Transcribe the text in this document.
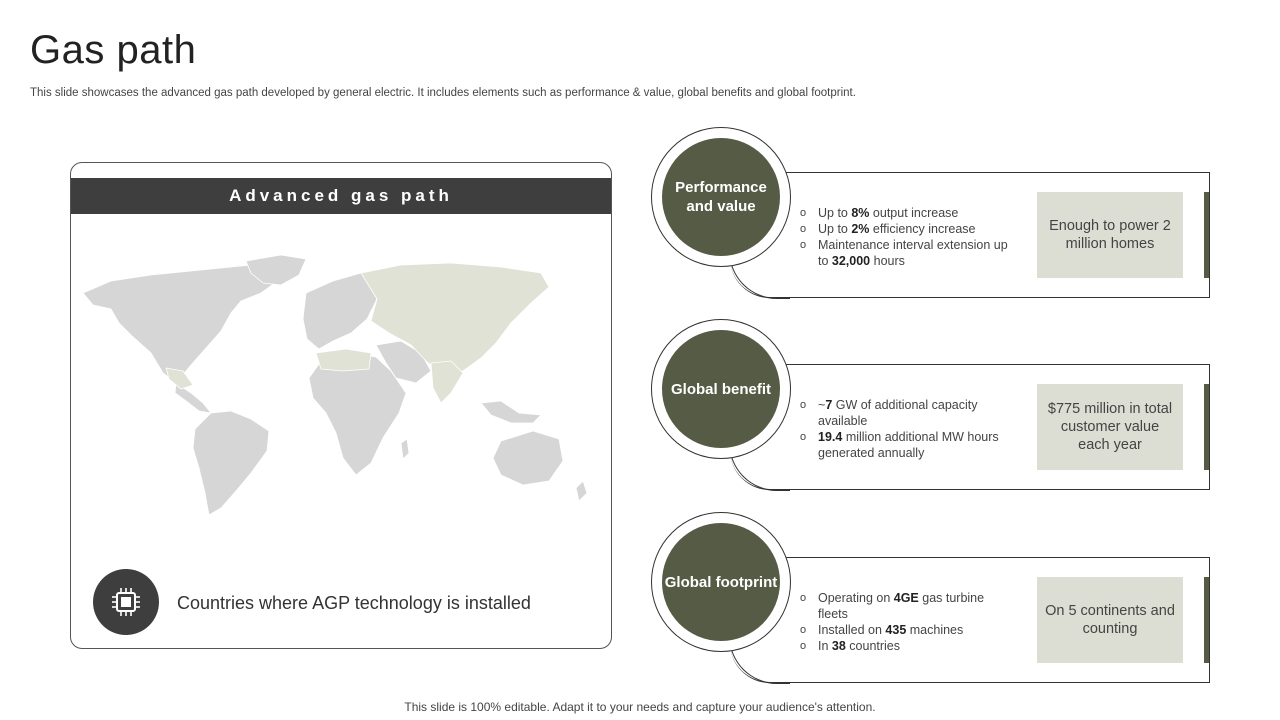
Gas path

This slide showcases the advanced gas path developed by general electric. It includes elements such as performance & value, global benefits and global footprint.

Advanced gas path
Countries where AGP technology is installed
Performance and value
o	Up to 8% output increase
o Up to 2% efficiency increase
o Maintenance interval extension up to 32,000 hours
Enough to power 2 million homes
Global benefit
o ~7 GW of additional capacity available
o 19.4 million additional MW hours generated annually
$775 million in total customer value each year
Global footprint
o Operating on 4GE gas turbine fleets
o Installed on 435 machines
o In 38 countries
On 5 continents and counting
This slide is 100% editable. Adapt it to your needs and capture your audience's attention.
